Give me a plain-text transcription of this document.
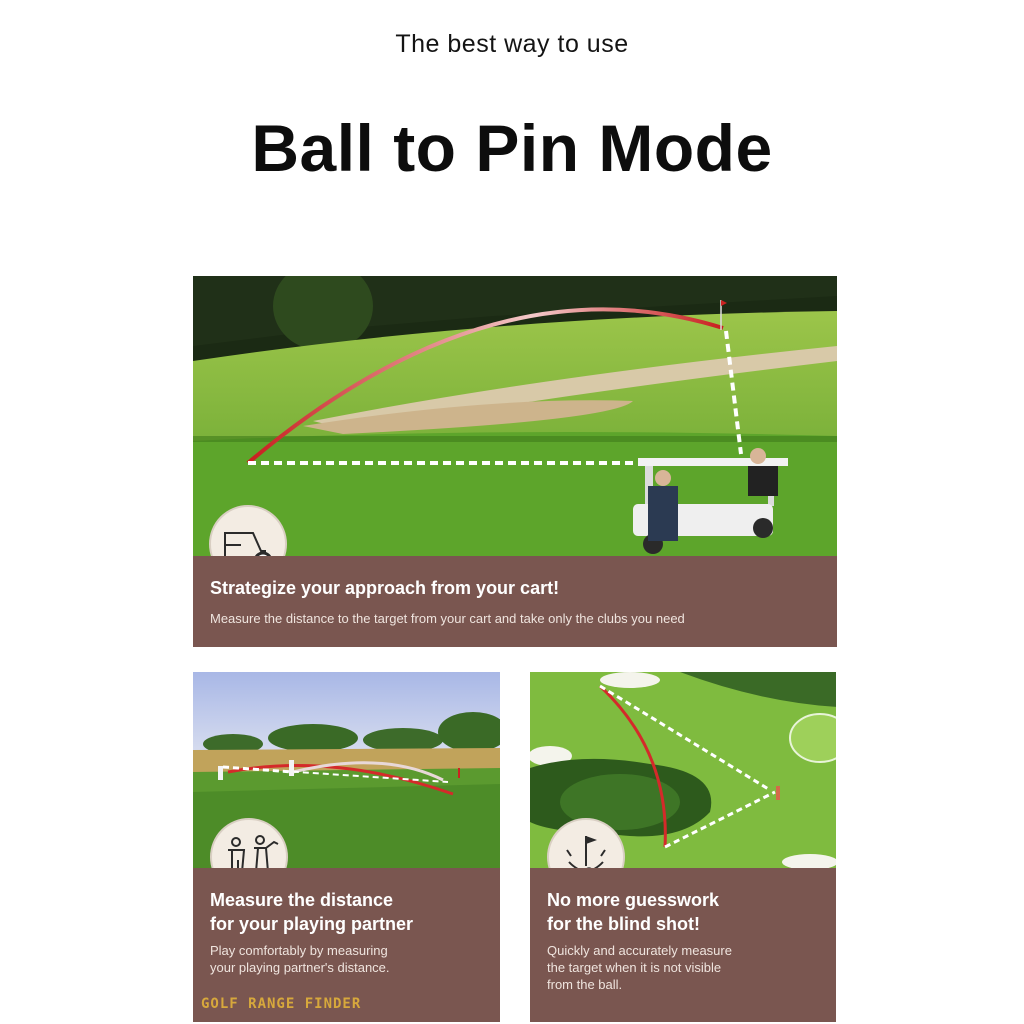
The best way to use
Ball to Pin Mode
Strategize your approach from your cart!
Measure the distance to the target from your cart and take only the clubs you need
Measure the distance
for your playing partner
Play comfortably by measuring
your playing partner's distance.
GOLF RANGE FINDER
No more guesswork
for the blind shot!
Quickly and accurately measure
the target when it is not visible
from the ball.
